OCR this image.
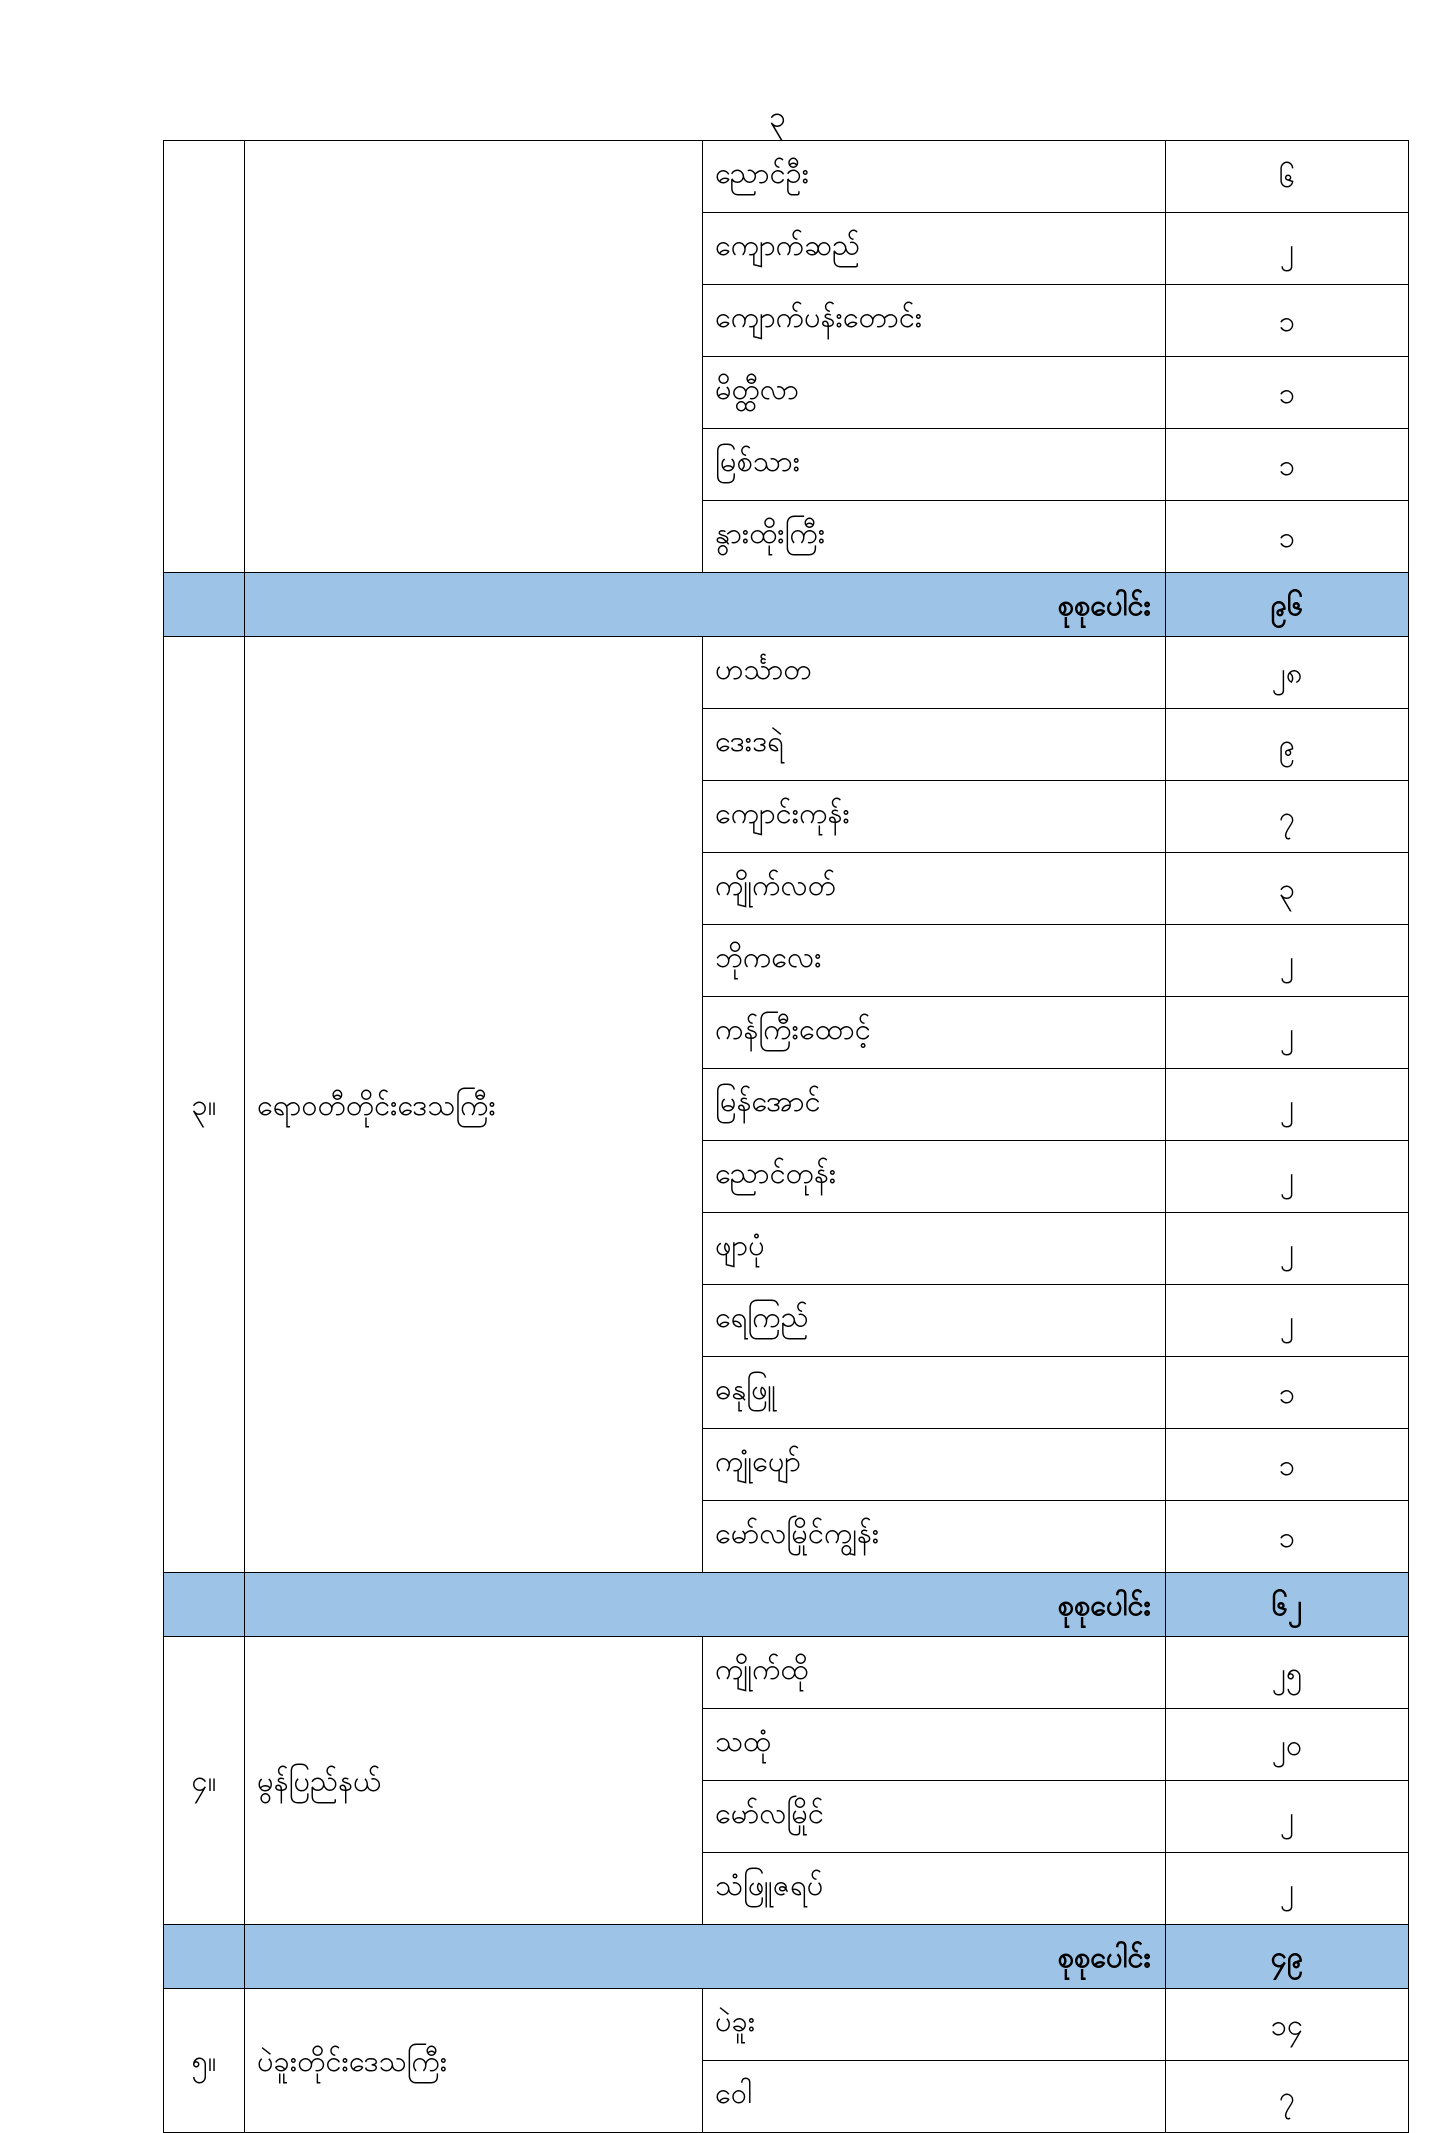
၃
		ညောင်ဦး	၆
		ကျောက်ဆည်	၂
		ကျောက်ပန်းတောင်း	၁
		မိတ္ထီလာ	၁
		မြစ်သား	၁
		နွားထိုးကြီး	၁
	စုစုပေါင်း		၉၆
၃။	ရောဝတီတိုင်းဒေသကြီး	ဟင်္သာတ	၂၈
		ဒေးဒရဲ	၉
		ကျောင်းကုန်း	၇
		ကျိုက်လတ်	၃
		ဘိုကလေး	၂
		ကန်ကြီးထောင့်	၂
		မြန်အောင်	၂
		ညောင်တုန်း	၂
		ဖျာပုံ	၂
		ရေကြည်	၂
		ဓနုဖြူ	၁
		ကျုံပျော်	၁
		မော်လမြိုင်ကျွန်း	၁
	စုစုပေါင်း		၆၂
၄။	မွန်ပြည်နယ်	ကျိုက်ထို	၂၅
		သထုံ	၂၀
		မော်လမြိုင်	၂
		သံဖြူဇရပ်	၂
	စုစုပေါင်း		၄၉
၅။	ပဲခူးတိုင်းဒေသကြီး	ပဲခူး	၁၄
		ဝေါ	၇
